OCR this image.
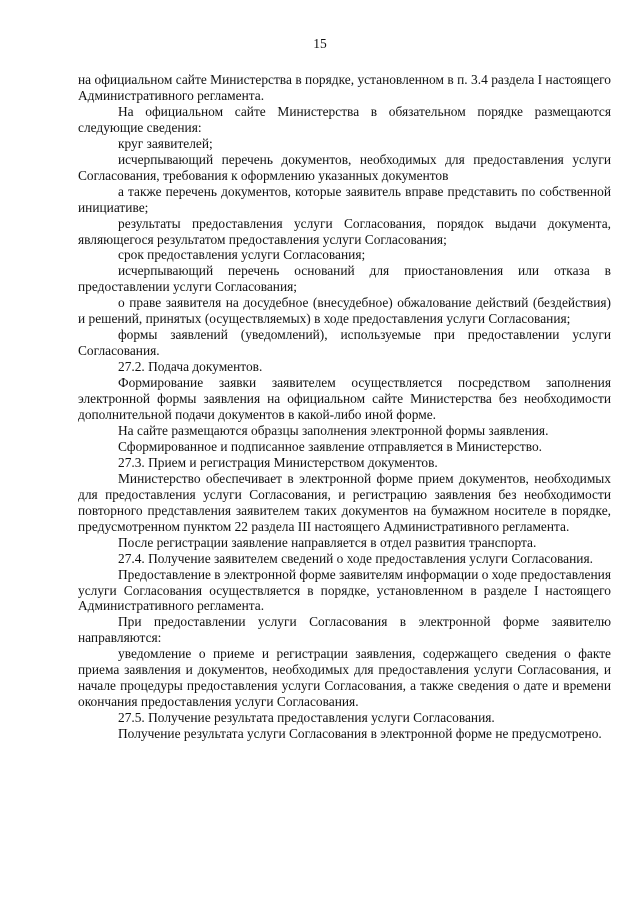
15

на официальном сайте Министерства в порядке, установленном в п. 3.4 раздела I настоящего Административного регламента.

На официальном сайте Министерства в обязательном порядке размещаются следующие сведения:

круг заявителей;

исчерпывающий перечень документов, необходимых для предоставления услуги Согласования, требования к оформлению указанных документов

а также перечень документов, которые заявитель вправе представить по собственной инициативе;

результаты предоставления услуги Согласования, порядок выдачи документа, являющегося результатом предоставления услуги Согласования;

срок предоставления услуги Согласования;

исчерпывающий перечень оснований для приостановления или отказа в предоставлении услуги Согласования;

о праве заявителя на досудебное (внесудебное) обжалование действий (бездействия) и решений, принятых (осуществляемых) в ходе предоставления услуги Согласования;

формы заявлений (уведомлений), используемые при предоставлении услуги Согласования.

27.2. Подача документов.

Формирование заявки заявителем осуществляется посредством заполнения электронной формы заявления на официальном сайте Министерства без необходимости дополнительной подачи документов в какой-либо иной форме.

На сайте размещаются образцы заполнения электронной формы заявления.

Сформированное и подписанное заявление отправляется в Министерство.

27.3. Прием и регистрация Министерством документов.

Министерство обеспечивает в электронной форме прием документов, необходимых для предоставления услуги Согласования, и регистрацию заявления без необходимости повторного представления заявителем таких документов на бумажном носителе в порядке, предусмотренном пунктом 22 раздела III настоящего Административного регламента.

После регистрации заявление направляется в отдел развития транспорта.

27.4. Получение заявителем сведений о ходе предоставления услуги Согласования.

Предоставление в электронной форме заявителям информации о ходе предоставления услуги Согласования осуществляется в порядке, установленном в разделе I настоящего Административного регламента.

При предоставлении услуги Согласования в электронной форме заявителю направляются:

уведомление о приеме и регистрации заявления, содержащего сведения о факте приема заявления и документов, необходимых для предоставления услуги Согласования, и начале процедуры предоставления услуги Согласования, а также сведения о дате и времени окончания предоставления услуги Согласования.

27.5. Получение результата предоставления услуги Согласования.

Получение результата услуги Согласования в электронной форме не предусмотрено.
